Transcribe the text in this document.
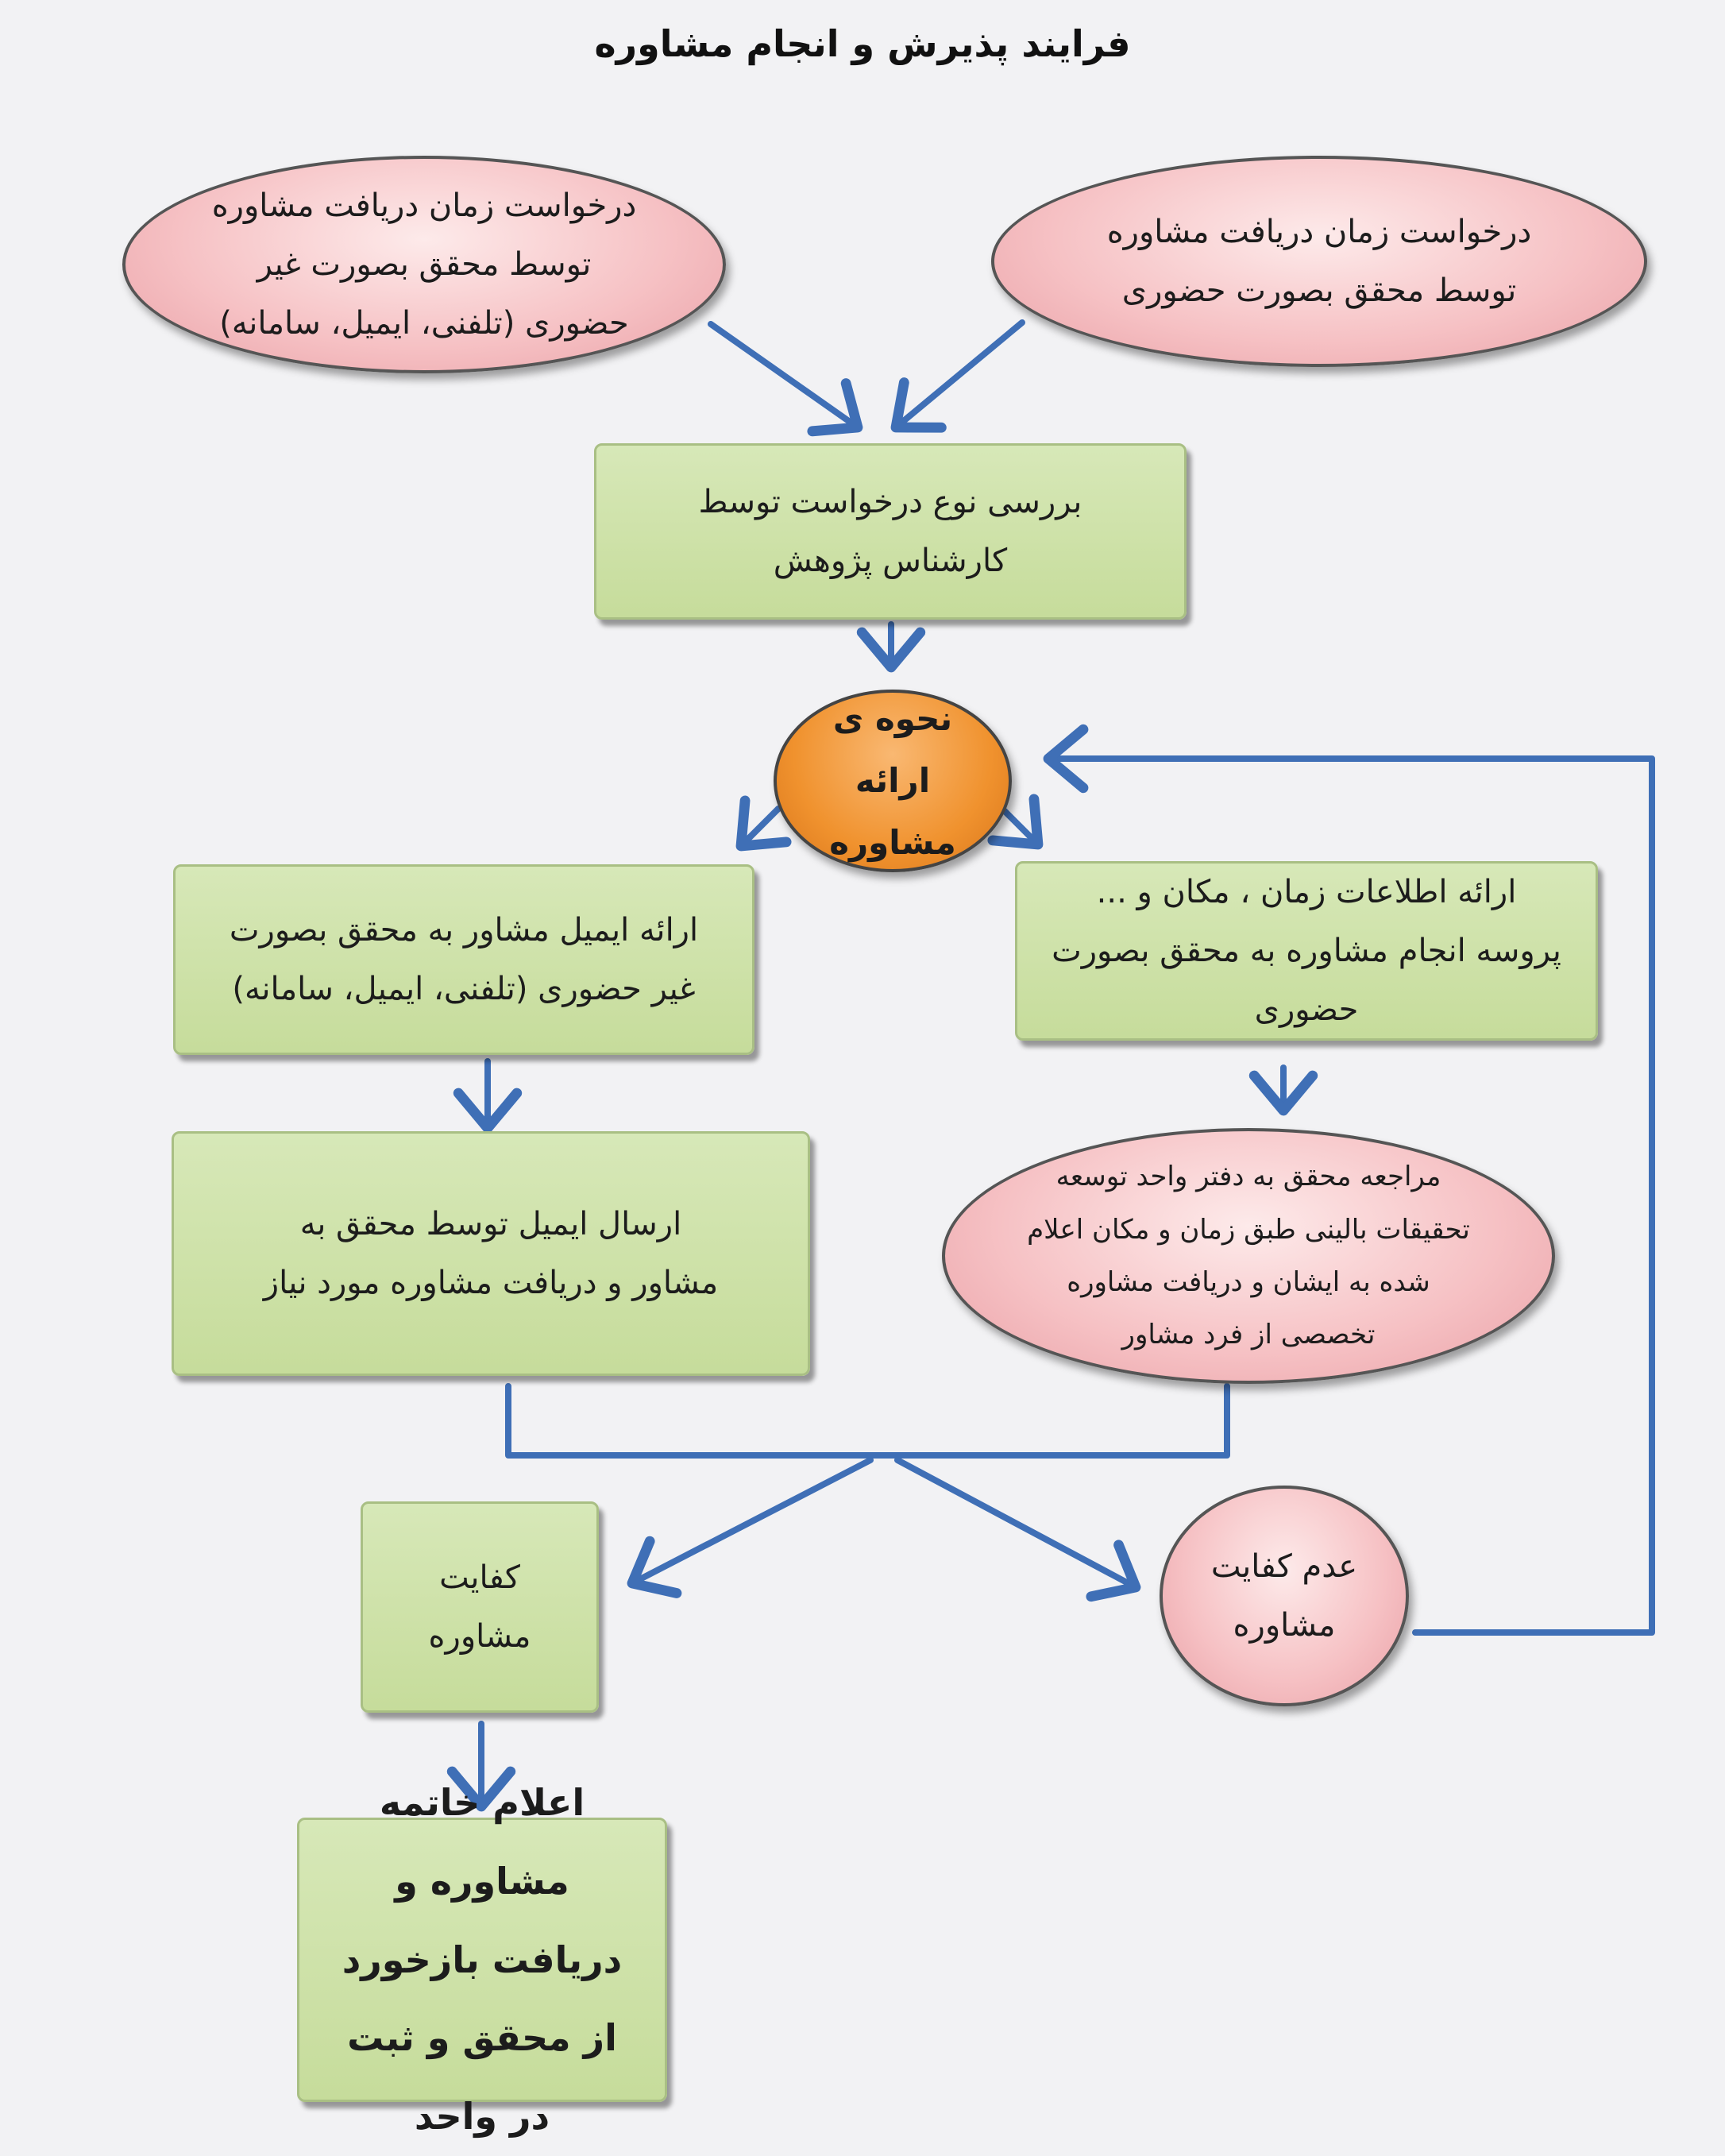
فرایند پذیرش و انجام مشاوره
درخواست زمان دریافت مشاوره توسط محقق بصورت غیر حضوری (تلفنی، ایمیل، سامانه)
درخواست زمان دریافت مشاوره توسط محقق بصورت حضوری
بررسی نوع درخواست توسط کارشناس پژوهش
نحوه ی ارائه مشاوره
ارائه ایمیل مشاور به محقق بصورت غیر حضوری (تلفنی، ایمیل، سامانه)
ارائه اطلاعات زمان ، مکان و ... پروسه انجام مشاوره به محقق بصورت حضوری
ارسال ایمیل توسط محقق به مشاور و دریافت مشاوره مورد نیاز
مراجعه محقق به دفتر واحد توسعه تحقیقات بالینی طبق زمان و مکان اعلام شده به ایشان و دریافت مشاوره تخصصی از فرد مشاور
کفایت مشاوره
عدم کفایت مشاوره
اعلام خاتمه مشاوره و دریافت بازخورد از محقق و ثبت در واحد
